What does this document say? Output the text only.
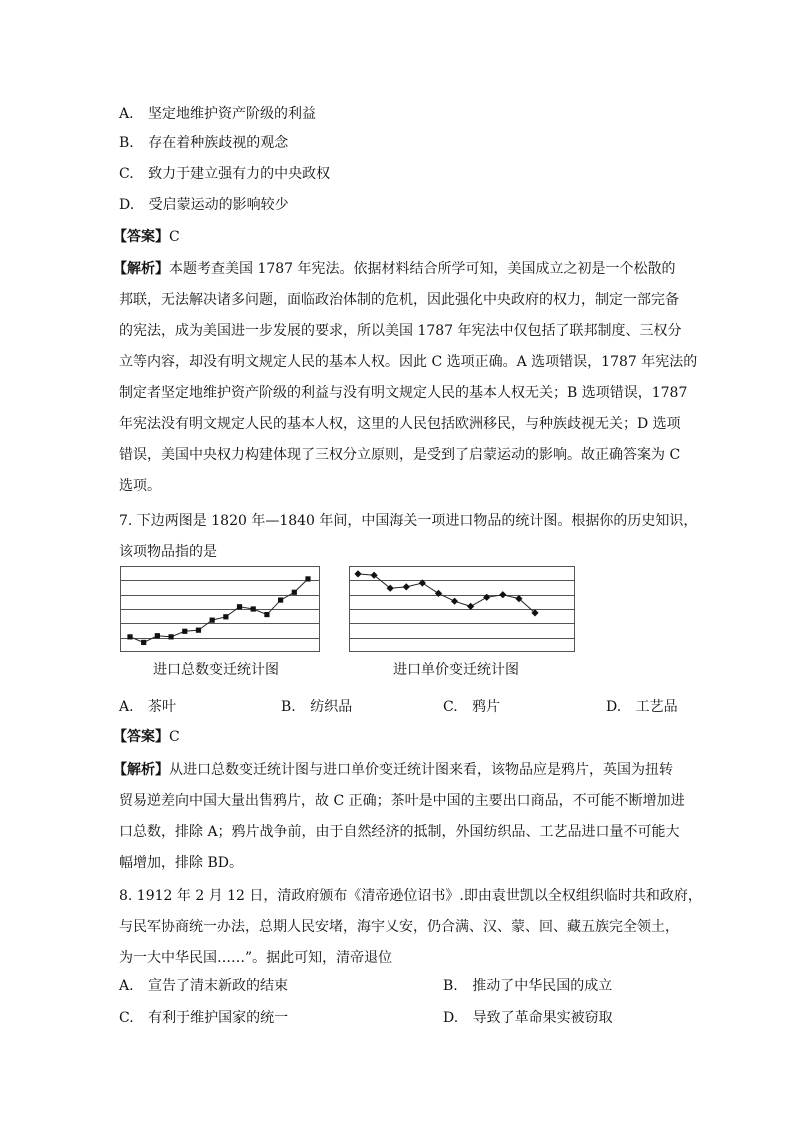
A. 坚定地维护资产阶级的利益
B. 存在着种族歧视的观念
C. 致力于建立强有力的中央政权
D. 受启蒙运动的影响较少
【答案】C
【解析】本题考查美国 1787 年宪法。依据材料结合所学可知，美国成立之初是一个松散的
邦联，无法解决诸多问题，面临政治体制的危机，因此强化中央政府的权力，制定一部完备
的宪法，成为美国进一步发展的要求，所以美国 1787 年宪法中仅包括了联邦制度、三权分
立等内容，却没有明文规定人民的基本人权。因此 C 选项正确。A 选项错误，1787 年宪法的
制定者坚定地维护资产阶级的利益与没有明文规定人民的基本人权无关；B 选项错误，1787
年宪法没有明文规定人民的基本人权，这里的人民包括欧洲移民，与种族歧视无关；D 选项
错误，美国中央权力构建体现了三权分立原则，是受到了启蒙运动的影响。故正确答案为 C
选项。
7. 下边两图是 1820 年—1840 年间，中国海关一项进口物品的统计图。根据你的历史知识，
该项物品指的是
进口总数变迁统计图	进口单价变迁统计图
A. 茶叶	B. 纺织品	C. 鸦片	D. 工艺品
【答案】C
【解析】从进口总数变迁统计图与进口单价变迁统计图来看，该物品应是鸦片，英国为扭转
贸易逆差向中国大量出售鸦片，故 C 正确；茶叶是中国的主要出口商品，不可能不断增加进
口总数，排除 A；鸦片战争前，由于自然经济的抵制，外国纺织品、工艺品进口量不可能大
幅增加，排除 BD。
8. 1912 年 2 月 12 日，清政府颁布《清帝逊位诏书》.即由袁世凯以全权组织临时共和政府，
与民军协商统一办法，总期人民安堵，海宇乂安，仍合满、汉、蒙、回、藏五族完全领土，
为一大中华民国……”。据此可知，清帝退位
A. 宣告了清末新政的结束	B. 推动了中华民国的成立
C. 有利于维护国家的统一	D. 导致了革命果实被窃取
